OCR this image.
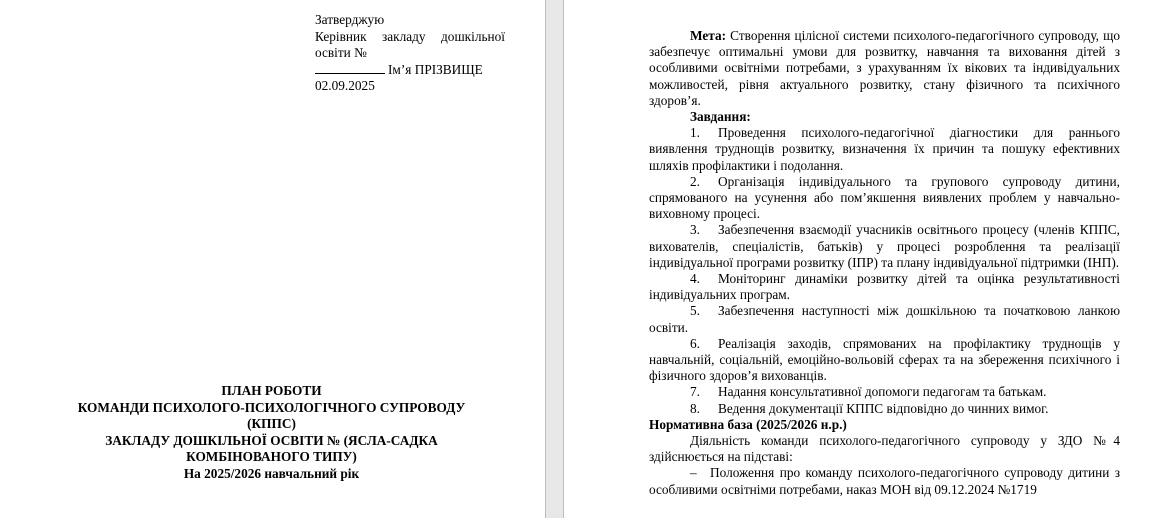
Затверджую
Керівник закладу дошкільної
освіти №
Ім’я ПРІЗВИЩЕ
02.09.2025
ПЛАН РОБОТИ
КОМАНДИ ПСИХОЛОГО-ПСИХОЛОГІЧНОГО СУПРОВОДУ
(КППС)
ЗАКЛАДУ ДОШКІЛЬНОЇ ОСВІТИ № (ЯСЛА-САДКА
КОМБІНОВАНОГО ТИПУ)
На 2025/2026 навчальний рік

Мета: Створення цілісної системи психолого-педагогічного супроводу, що забезпечує оптимальні умови для розвитку, навчання та виховання дітей з особливими освітніми потребами, з урахуванням їх вікових та індивідуальних можливостей, рівня актуального розвитку, стану фізичного та психічного здоров’я.

Завдання:

1. Проведення психолого-педагогічної діагностики для раннього виявлення труднощів розвитку, визначення їх причин та пошуку ефективних шляхів профілактики і подолання.

2. Організація індивідуального та групового супроводу дитини, спрямованого на усунення або пом’якшення виявлених проблем у навчально-виховному процесі.

3. Забезпечення взаємодії учасників освітнього процесу (членів КППС, вихователів, спеціалістів, батьків) у процесі розроблення та реалізації індивідуальної програми розвитку (ІПР) та плану індивідуальної підтримки (ІНП).

4. Моніторинг динаміки розвитку дітей та оцінка результативності індивідуальних програм.

5. Забезпечення наступності між дошкільною та початковою ланкою освіти.

6. Реалізація заходів, спрямованих на профілактику труднощів у навчальній, соціальній, емоційно-вольовій сферах та на збереження психічного і фізичного здоров’я вихованців.

7. Надання консультативної допомоги педагогам та батькам.

8. Ведення документації КППС відповідно до чинних вимог.

Нормативна база (2025/2026 н.р.)

Діяльність команди психолого-педагогічного супроводу у ЗДО №4 здійснюється на підставі:

– Положення про команду психолого-педагогічного супроводу дитини з особливими освітніми потребами, наказ МОН від 09.12.2024 №1719
